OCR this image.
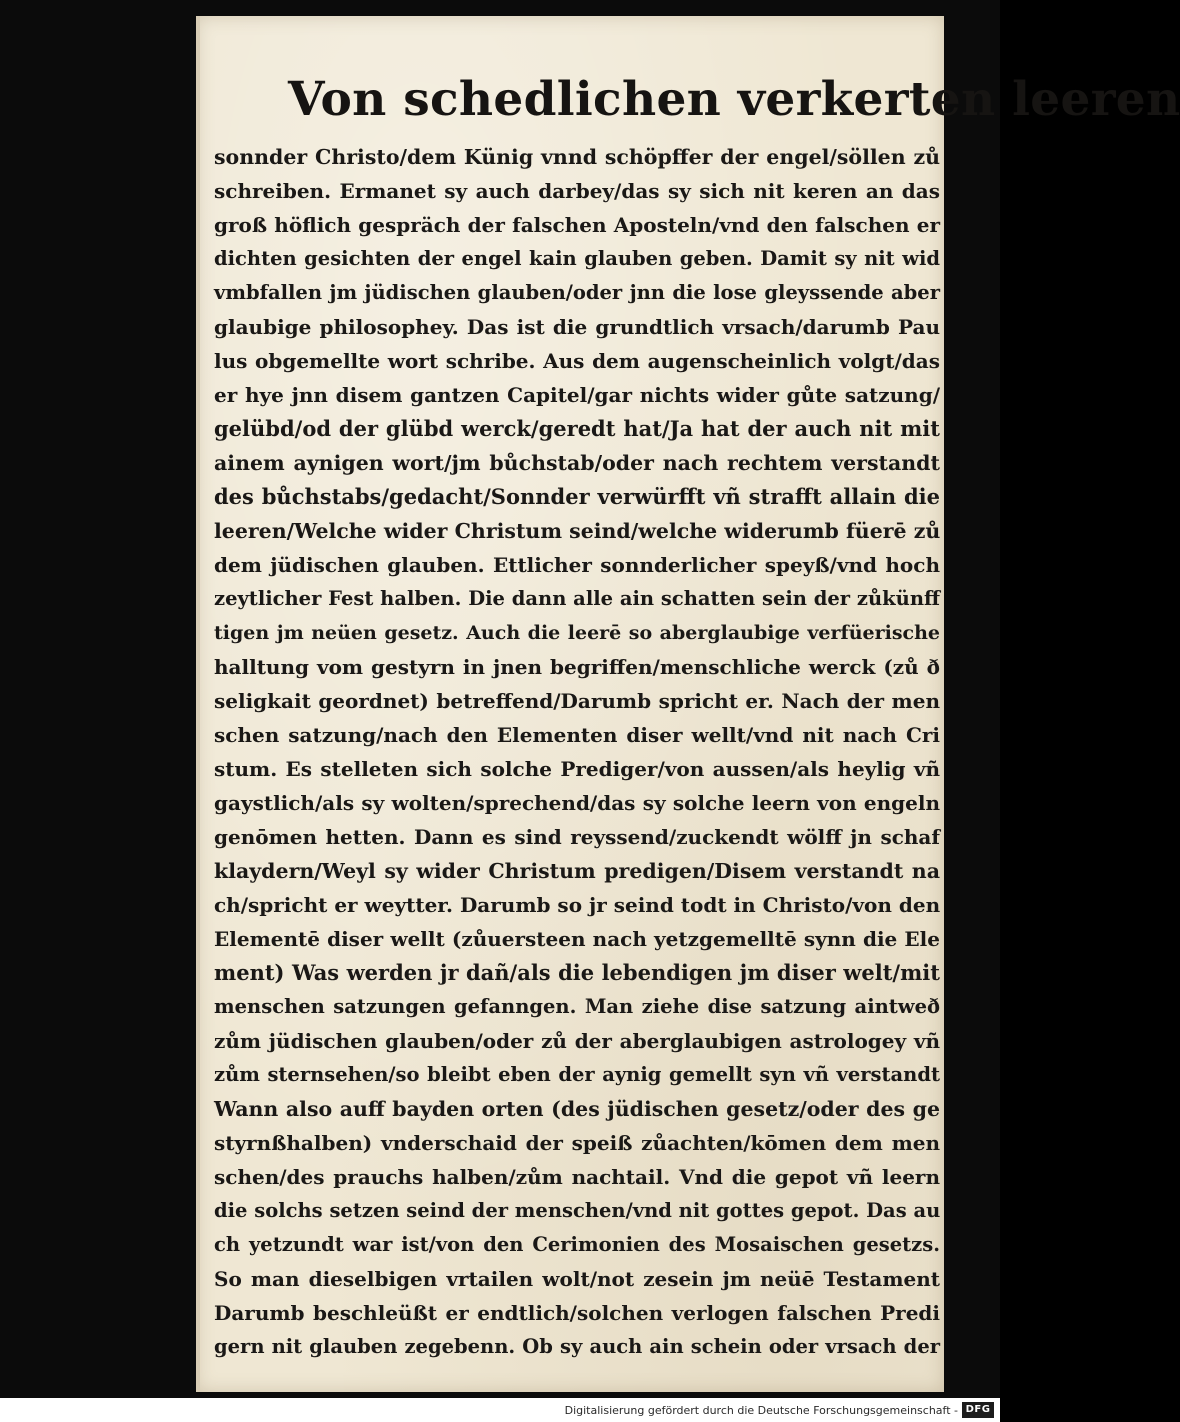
Von schedlichen verkerten leeren
sonnder Christo/dem Künig vnnd schöpffer der engel/söllen zů
schreiben. Ermanet sy auch darbey/das sy sich nit keren an das
groß höflich gespräch der falschen Aposteln/vnd den falschen er
dichten gesichten der engel kain glauben geben. Damit sy nit wid
vmbfallen jm jüdischen glauben/oder jnn die lose gleyssende aber
glaubige philosophey. Das ist die grundtlich vrsach/darumb Pau
lus obgemellte wort schribe. Aus dem augenscheinlich volgt/das
er hye jnn disem gantzen Capitel/gar nichts wider gůte satzung/
gelübd/od der glübd werck/geredt hat/Ja hat der auch nit mit
ainem aynigen wort/jm bůchstab/oder nach rechtem verstandt
des bůchstabs/gedacht/Sonnder verwürfft vñ strafft allain die
leeren/Welche wider Christum seind/welche widerumb füerē zů
dem jüdischen glauben. Ettlicher sonnderlicher speyß/vnd hoch
zeytlicher Fest halben. Die dann alle ain schatten sein der zůkünff
tigen jm neüen gesetz. Auch die leerē so aberglaubige verfüerische
halltung vom gestyrn in jnen begriffen/menschliche werck (zů ð
seligkait geordnet) betreffend/Darumb spricht er. Nach der men
schen satzung/nach den Elementen diser wellt/vnd nit nach Cri
stum. Es stelleten sich solche Prediger/von aussen/als heylig vñ
gaystlich/als sy wolten/sprechend/das sy solche leern von engeln
genōmen hetten. Dann es sind reyssend/zuckendt wölff jn schaf
klaydern/Weyl sy wider Christum predigen/Disem verstandt na
ch/spricht er weytter. Darumb so jr seind todt in Christo/von den
Elementē diser wellt (zůuersteen nach yetzgemelltē synn die Ele
ment) Was werden jr dañ/als die lebendigen jm diser welt/mit
menschen satzungen gefanngen. Man ziehe dise satzung aintweð
zům jüdischen glauben/oder zů der aberglaubigen astrologey vñ
zům sternsehen/so bleibt eben der aynig gemellt syn vñ verstandt
Wann also auff bayden orten (des jüdischen gesetz/oder des ge
styrnßhalben) vnderschaid der speiß zůachten/kōmen dem men
schen/des prauchs halben/zům nachtail. Vnd die gepot vñ leern
die solchs setzen seind der menschen/vnd nit gottes gepot. Das au
ch yetzundt war ist/von den Cerimonien des Mosaischen gesetzs.
So man dieselbigen vrtailen wolt/not zesein jm neüē Testament
Darumb beschleüßt er endtlich/solchen verlogen falschen Predi
gern nit glauben zegebenn. Ob sy auch ain schein oder vrsach der
Digitalisierung gefördert durch die Deutsche Forschungsgemeinschaft - DFG
